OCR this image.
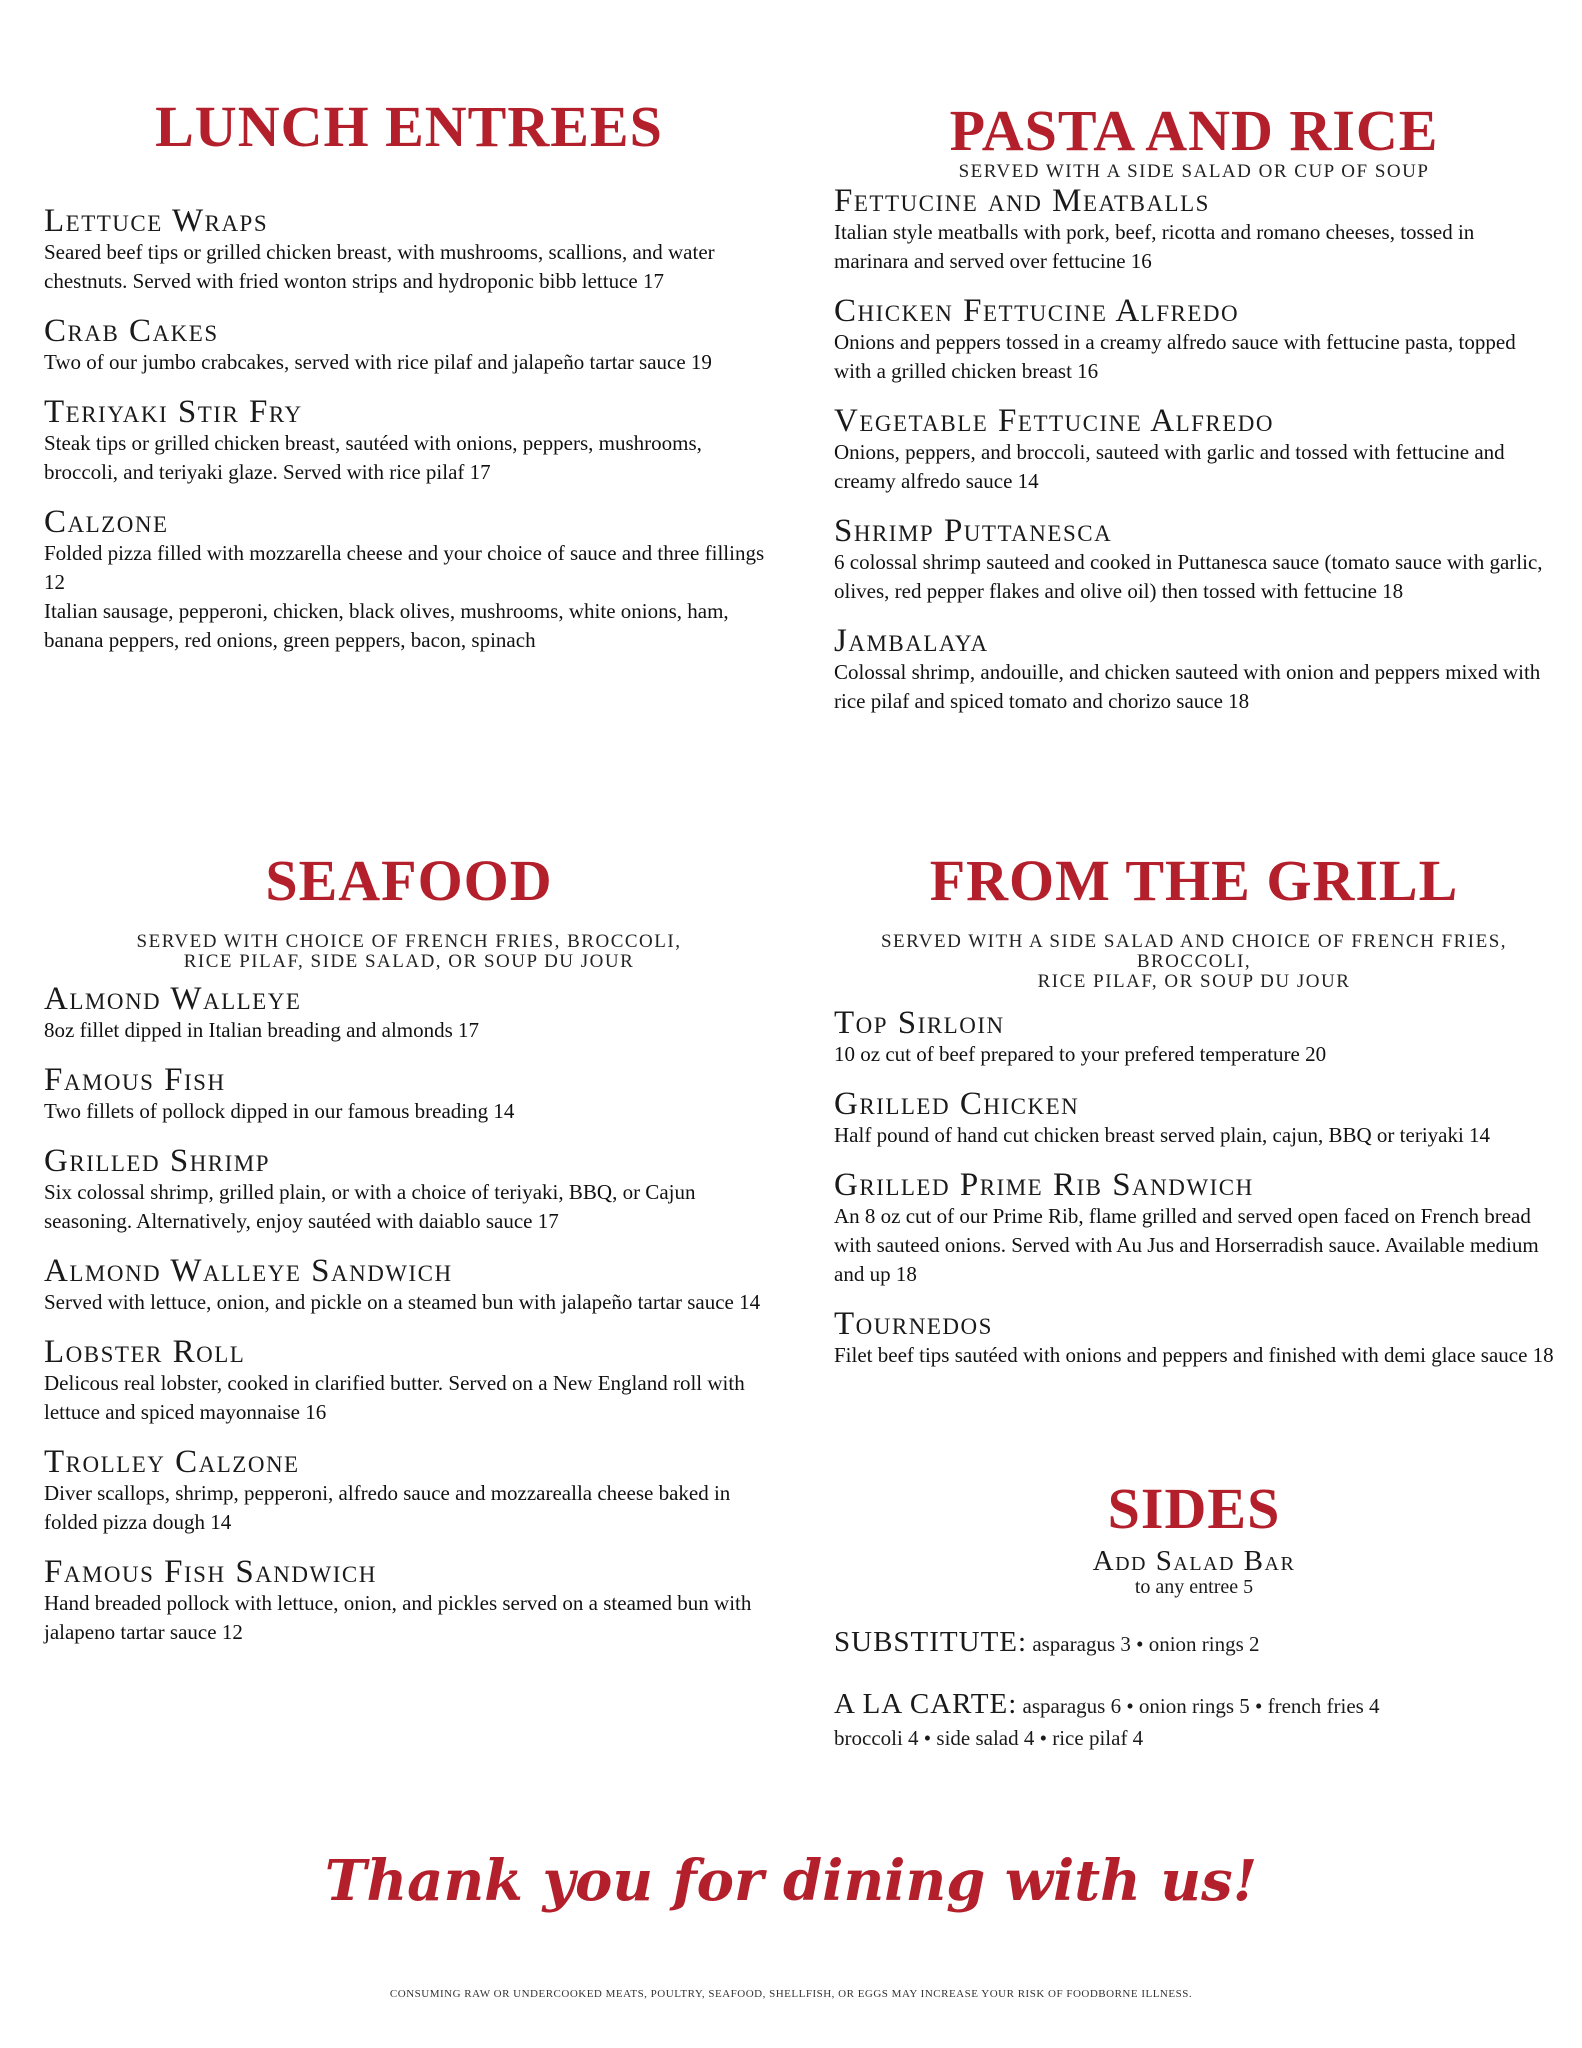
LUNCH ENTREES
Lettuce Wraps
Seared beef tips or grilled chicken breast, with mushrooms, scallions, and water chestnuts. Served with fried wonton strips and hydroponic bibb lettuce 17
Crab Cakes
Two of our jumbo crabcakes, served with rice pilaf and jalapeño tartar sauce 19
Teriyaki Stir Fry
Steak tips or grilled chicken breast, sautéed with onions, peppers, mushrooms, broccoli, and teriyaki glaze. Served with rice pilaf 17
Calzone
Folded pizza filled with mozzarella cheese and your choice of sauce and three fillings 12
Italian sausage, pepperoni, chicken, black olives, mushrooms, white onions, ham, banana peppers, red onions, green peppers, bacon, spinach
PASTA AND RICE
SERVED WITH A SIDE SALAD OR CUP OF SOUP
Fettucine and Meatballs
Italian style meatballs with pork, beef, ricotta and romano cheeses, tossed in marinara and served over fettucine 16
Chicken Fettucine Alfredo
Onions and peppers tossed in a creamy alfredo sauce with fettucine pasta, topped with a grilled chicken breast 16
Vegetable Fettucine Alfredo
Onions, peppers, and broccoli, sauteed with garlic and tossed with fettucine and creamy alfredo sauce 14
Shrimp Puttanesca
6 colossal shrimp sauteed and cooked in Puttanesca sauce (tomato sauce with garlic, olives, red pepper flakes and olive oil) then tossed with fettucine 18
Jambalaya
Colossal shrimp, andouille, and chicken sauteed with onion and peppers mixed with rice pilaf and spiced tomato and chorizo sauce 18
SEAFOOD
SERVED WITH CHOICE OF FRENCH FRIES, BROCCOLI,
RICE PILAF, SIDE SALAD, OR SOUP DU JOUR
Almond Walleye
8oz fillet dipped in Italian breading and almonds 17
Famous Fish
Two fillets of pollock dipped in our famous breading 14
Grilled Shrimp
Six colossal shrimp, grilled plain, or with a choice of teriyaki, BBQ, or Cajun seasoning. Alternatively, enjoy sautéed with daiablo sauce 17
Almond Walleye Sandwich
Served with lettuce, onion, and pickle on a steamed bun with jalapeño tartar sauce 14
Lobster Roll
Delicous real lobster, cooked in clarified butter. Served on a New England roll with lettuce and spiced mayonnaise 16
Trolley Calzone
Diver scallops, shrimp, pepperoni, alfredo sauce and mozzarealla cheese baked in folded pizza dough 14
Famous Fish Sandwich
Hand breaded pollock with lettuce, onion, and pickles served on a steamed bun with jalapeno tartar sauce 12
FROM THE GRILL
SERVED WITH A SIDE SALAD AND CHOICE OF FRENCH FRIES, BROCCOLI,
RICE PILAF, OR SOUP DU JOUR
Top Sirloin
10 oz cut of beef prepared to your prefered temperature 20
Grilled Chicken
Half pound of hand cut chicken breast served plain, cajun, BBQ or teriyaki 14
Grilled Prime Rib Sandwich
An 8 oz cut of our Prime Rib, flame grilled and served open faced on French bread with sauteed onions. Served with Au Jus and Horserradish sauce. Available medium and up 18
Tournedos
Filet beef tips sautéed with onions and peppers and finished with demi glace sauce 18
SIDES
Add Salad Bar
to any entree 5
SUBSTITUTE: asparagus 3 • onion rings 2
A LA CARTE: asparagus 6 • onion rings 5 • french fries 4
broccoli 4 • side salad 4 • rice pilaf 4
Thank you for dining with us!
CONSUMING RAW OR UNDERCOOKED MEATS, POULTRY, SEAFOOD, SHELLFISH, OR EGGS MAY INCREASE YOUR RISK OF FOODBORNE ILLNESS.
